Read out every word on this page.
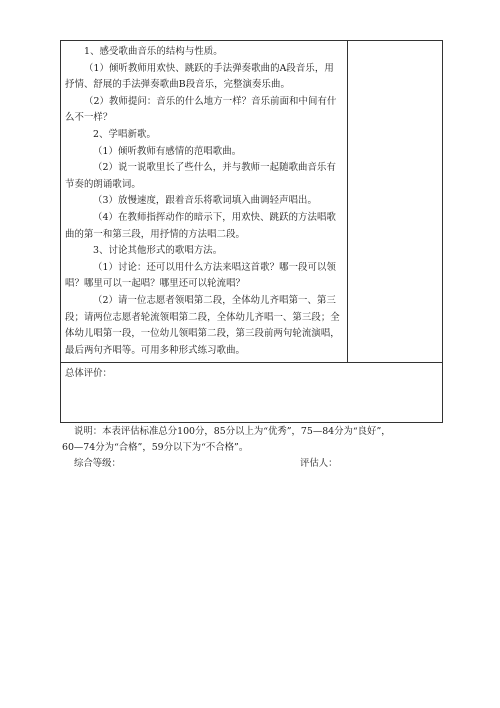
1、感受歌曲音乐的结构与性质。

（1）倾听教师用欢快、跳跃的手法弹奏歌曲的A段音乐，用抒情、舒展的手法弹奏歌曲B段音乐，完整演奏乐曲。

（2）教师提问：音乐的什么地方一样？音乐前面和中间有什么不一样？

2、学唱新歌。

（1）倾听教师有感情的范唱歌曲。

（2）说一说歌里长了些什么，并与教师一起随歌曲音乐有节奏的朗诵歌词。

（3）放慢速度，跟着音乐将歌词填入曲调轻声唱出。

（4）在教师指挥动作的暗示下，用欢快、跳跃的方法唱歌曲的第一和第三段，用抒情的方法唱二段。

3、讨论其他形式的歌唱方法。

（1）讨论：还可以用什么方法来唱这首歌？哪一段可以领唱？哪里可以一起唱？哪里还可以轮流唱？

（2）请一位志愿者领唱第二段，全体幼儿齐唱第一、第三段；请两位志愿者轮流领唱第二段，全体幼儿齐唱一、第三段；全体幼儿唱第一段，一位幼儿领唱第二段，第三段前两句轮流演唱，最后两句齐唱等。可用多种形式练习歌曲。

总体评价：

说明：本表评估标准总分100分，85分以上为“优秀”，75—84分为“良好”，
60—74分为“合格”，59分以下为“不合格”。
综合等级：	评估人：
